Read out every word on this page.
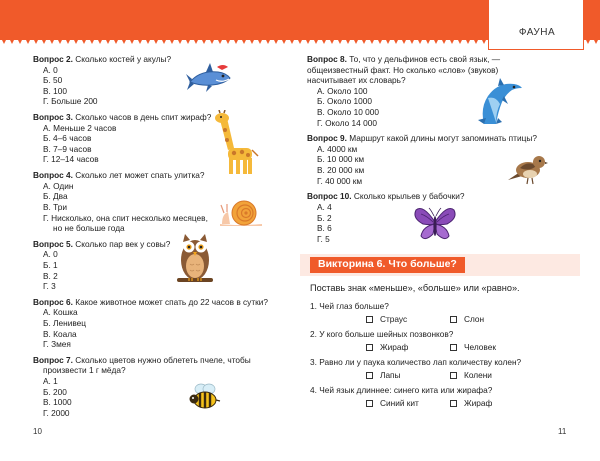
ФАУНА
Вопрос 2. Сколько костей у акулы?
А. 0
Б. 50
В. 100
Г. Больше 200
Вопрос 3. Сколько часов в день спит жираф?
А. Меньше 2 часов
Б. 4–6 часов
В. 7–9 часов
Г. 12–14 часов
Вопрос 4. Сколько лет может спать улитка?
А. Один
Б. Два
В. Три
Г. Нисколько, она спит несколько месяцев,
но не больше года
Вопрос 5. Сколько пар век у совы?
А. 0
Б. 1
В. 2
Г. 3
Вопрос 6. Какое животное может спать до 22 часов в сутки?
А. Кошка
Б. Ленивец
В. Коала
Г. Змея
Вопрос 7. Сколько цветов нужно облететь пчеле, чтобы
произвести 1 г мёда?
А. 1
Б. 200
В. 1000
Г. 2000
Вопрос 8. То, что у дельфинов есть свой язык, —
общеизвестный факт. Но сколько «слов» (звуков)
насчитывает их словарь?
А. Около 100
Б. Около 1000
В. Около 10 000
Г. Около 14 000
Вопрос 9. Маршрут какой длины могут запоминать птицы?
А. 4000 км
Б. 10 000 км
В. 20 000 км
Г. 40 000 км
Вопрос 10. Сколько крыльев у бабочки?
А. 4
Б. 2
В. 6
Г. 5
Викторина 6. Что больше?
Поставь знак «меньше», «больше» или «равно».
1. Чей глаз больше?
Страус	Слон
2. У кого больше шейных позвонков?
Жираф	Человек
3. Равно ли у паука количество лап количеству колен?
Лапы	Колени
4. Чей язык длиннее: синего кита или жирафа?
Синий кит	Жираф
10	11
